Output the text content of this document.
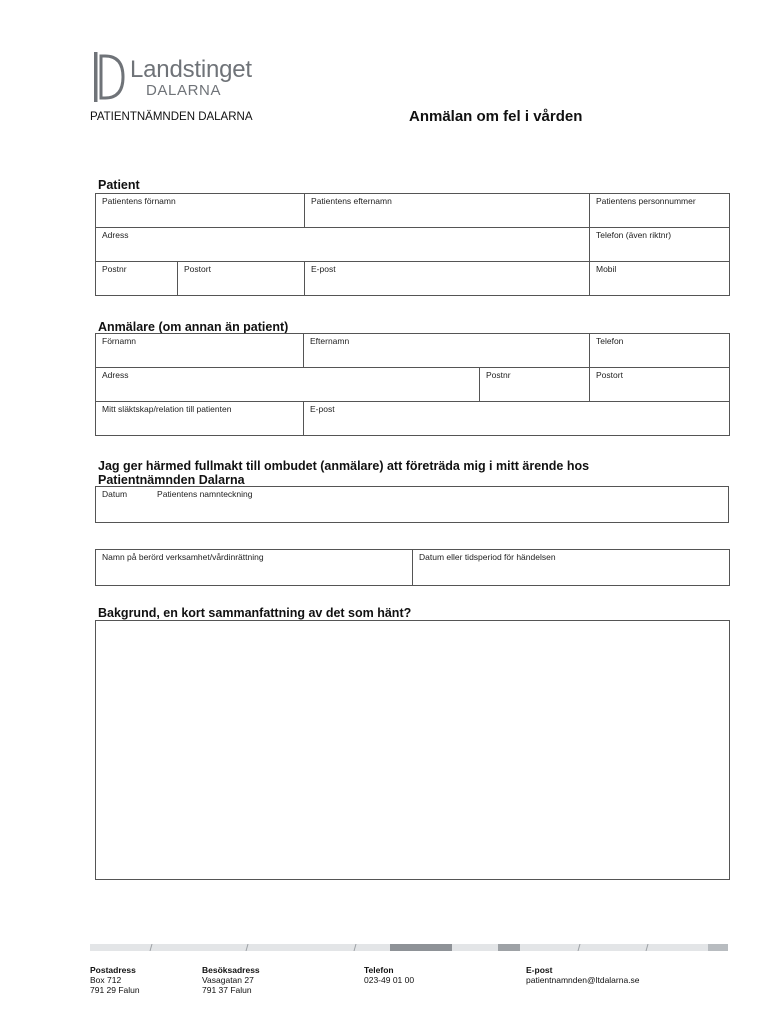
Landstinget
DALARNA
PATIENTNÄMNDEN DALARNA	Anmälan om fel i vården
Patient
Patientens förnamn		Patientens efternamn	Patientens personnummer
Adress			Telefon (även riktnr)
Postnr	Postort	E-post	Mobil
Anmälare (om annan än patient)
Förnamn	Efternamn		Telefon
Adress		Postnr	Postort
Mitt släktskap/relation till patienten	E-post		
Jag ger härmed fullmakt till ombudet (anmälare) att företräda mig i mitt ärende hos
Patientnämnden Dalarna
Datum	Patientens namnteckning
Namn på berörd verksamhet/vårdinrättning	Datum eller tidsperiod för händelsen
Bakgrund, en kort sammanfattning av det som hänt?
Postadress
Box 712
791 29 Falun
Besöksadress
Vasagatan 27
791 37 Falun
Telefon
023-49 01 00
E-post
patientnamnden@ltdalarna.se
